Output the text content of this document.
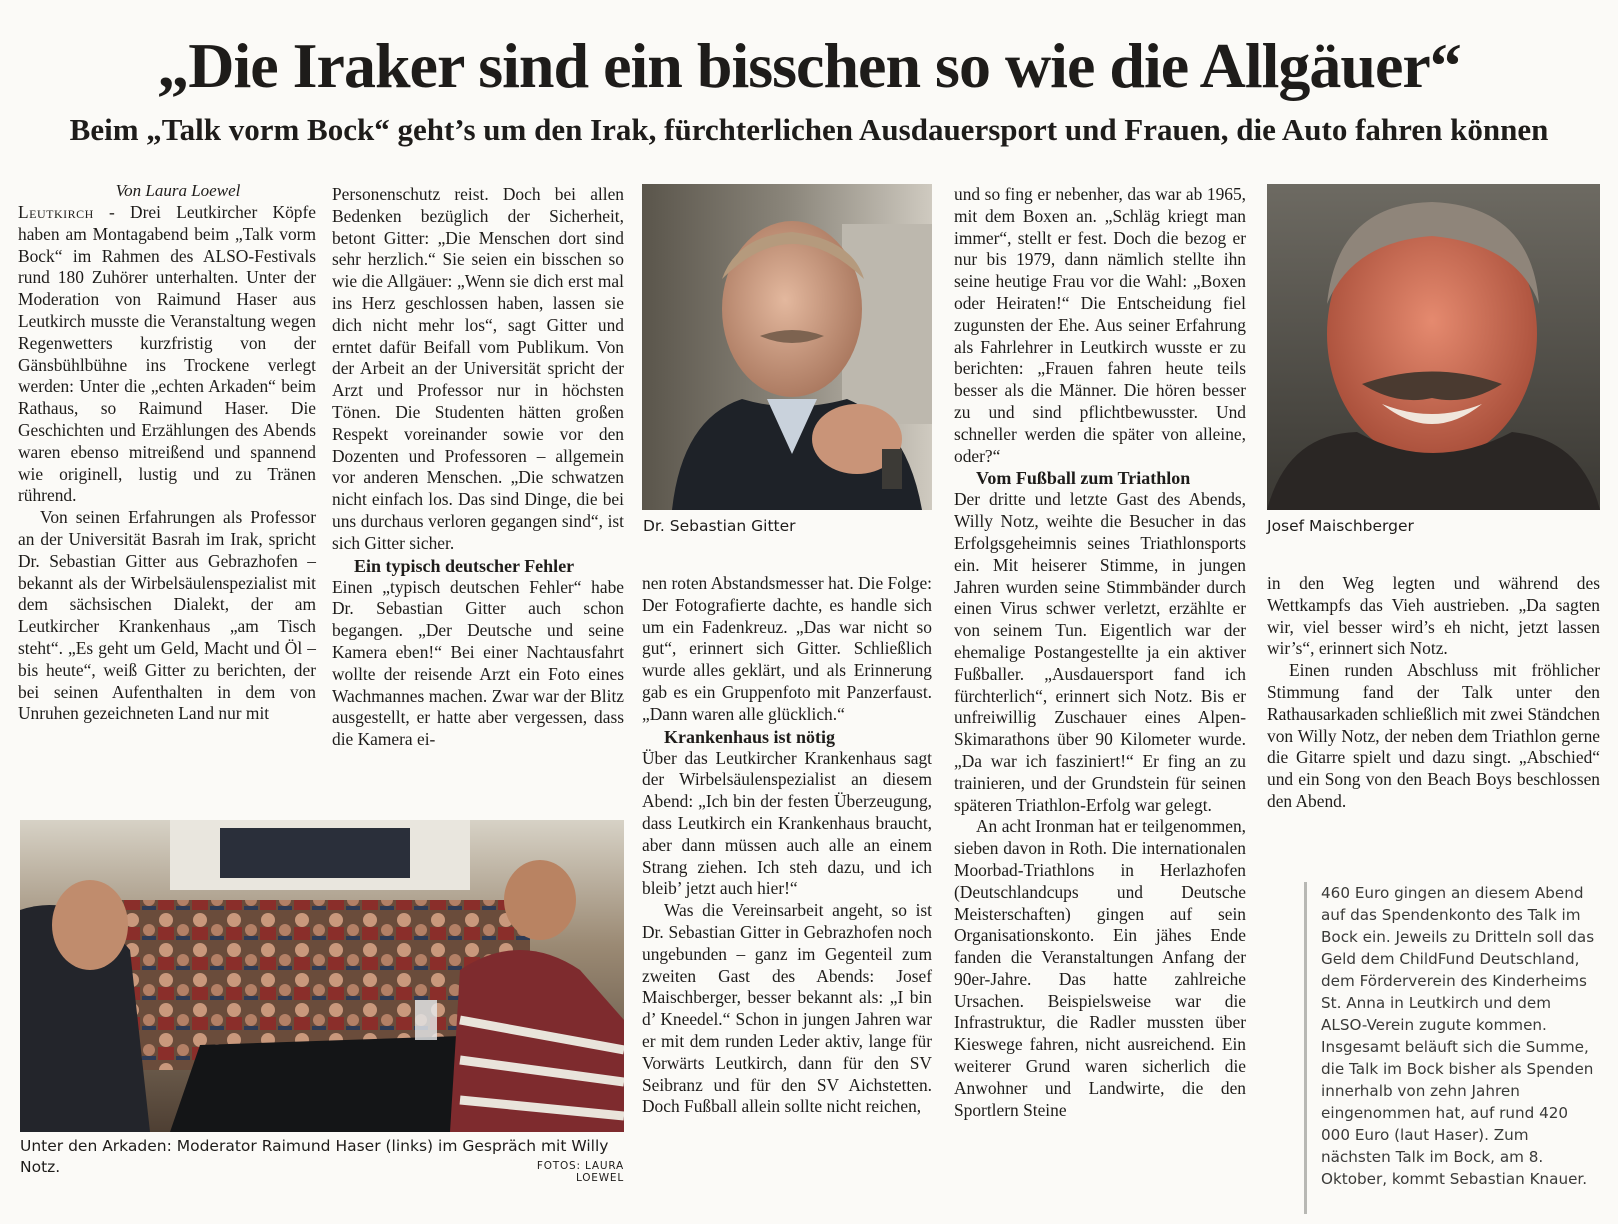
„Die Iraker sind ein bisschen so wie die Allgäuer“
Beim „Talk vorm Bock“ geht’s um den Irak, fürchterlichen Ausdauersport und Frauen, die Auto fahren können

Von Laura Loewel

Leutkirch - Drei Leutkircher Köpfe haben am Montagabend beim „Talk vorm Bock“ im Rahmen des ALSO-Festivals rund 180 Zuhörer unterhalten. Unter der Moderation von Raimund Haser aus Leutkirch musste die Veranstaltung wegen Regenwetters kurzfristig von der Gänsbühlbühne ins Trockene verlegt werden: Unter die „echten Arkaden“ beim Rathaus, so Raimund Haser. Die Geschichten und Erzählungen des Abends waren ebenso mitreißend und spannend wie originell, lustig und zu Tränen rührend.

Von seinen Erfahrungen als Professor an der Universität Basrah im Irak, spricht Dr. Sebastian Gitter aus Gebrazhofen – bekannt als der Wirbelsäulenspezialist mit dem sächsischen Dialekt, der am Leutkircher Krankenhaus „am Tisch steht“. „Es geht um Geld, Macht und Öl – bis heute“, weiß Gitter zu berichten, der bei seinen Aufenthalten in dem von Unruhen gezeichneten Land nur mit

Personenschutz reist. Doch bei allen Bedenken bezüglich der Sicherheit, betont Gitter: „Die Menschen dort sind sehr herzlich.“ Sie seien ein bisschen so wie die Allgäuer: „Wenn sie dich erst mal ins Herz geschlossen haben, lassen sie dich nicht mehr los“, sagt Gitter und erntet dafür Beifall vom Publikum. Von der Arbeit an der Universität spricht der Arzt und Professor nur in höchsten Tönen. Die Studenten hätten großen Respekt voreinander sowie vor den Dozenten und Professoren – allgemein vor anderen Menschen. „Die schwatzen nicht einfach los. Das sind Dinge, die bei uns durchaus verloren gegangen sind“, ist sich Gitter sicher.

Ein typisch deutscher Fehler

Einen „typisch deutschen Fehler“ habe Dr. Sebastian Gitter auch schon begangen. „Der Deutsche und seine Kamera eben!“ Bei einer Nachtausfahrt wollte der reisende Arzt ein Foto eines Wachmannes machen. Zwar war der Blitz ausgestellt, er hatte aber vergessen, dass die Kamera ei-

Dr. Sebastian Gitter

nen roten Abstandsmesser hat. Die Folge: Der Fotografierte dachte, es handle sich um ein Fadenkreuz. „Das war nicht so gut“, erinnert sich Gitter. Schließlich wurde alles geklärt, und als Erinnerung gab es ein Gruppenfoto mit Panzerfaust. „Dann waren alle glücklich.“

Krankenhaus ist nötig

Über das Leutkircher Krankenhaus sagt der Wirbelsäulenspezialist an diesem Abend: „Ich bin der festen Überzeugung, dass Leutkirch ein Krankenhaus braucht, aber dann müssen auch alle an einem Strang ziehen. Ich steh dazu, und ich bleib’ jetzt auch hier!“

Was die Vereinsarbeit angeht, so ist Dr. Sebastian Gitter in Gebrazhofen noch ungebunden – ganz im Gegenteil zum zweiten Gast des Abends: Josef Maischberger, besser bekannt als: „I bin d’ Kneedel.“ Schon in jungen Jahren war er mit dem runden Leder aktiv, lange für Vorwärts Leutkirch, dann für den SV Seibranz und für den SV Aichstetten. Doch Fußball allein sollte nicht reichen,

und so fing er nebenher, das war ab 1965, mit dem Boxen an. „Schläg kriegt man immer“, stellt er fest. Doch die bezog er nur bis 1979, dann nämlich stellte ihn seine heutige Frau vor die Wahl: „Boxen oder Heiraten!“ Die Entscheidung fiel zugunsten der Ehe. Aus seiner Erfahrung als Fahrlehrer in Leutkirch wusste er zu berichten: „Frauen fahren heute teils besser als die Männer. Die hören besser zu und sind pflichtbewusster. Und schneller werden die später von alleine, oder?“

Vom Fußball zum Triathlon

Der dritte und letzte Gast des Abends, Willy Notz, weihte die Besucher in das Erfolgsgeheimnis seines Triathlonsports ein. Mit heiserer Stimme, in jungen Jahren wurden seine Stimmbänder durch einen Virus schwer verletzt, erzählte er von seinem Tun. Eigentlich war der ehemalige Postangestellte ja ein aktiver Fußballer. „Ausdauersport fand ich fürchterlich“, erinnert sich Notz. Bis er unfreiwillig Zuschauer eines Alpen-Skimarathons über 90 Kilometer wurde. „Da war ich fasziniert!“ Er fing an zu trainieren, und der Grundstein für seinen späteren Triathlon-Erfolg war gelegt.

An acht Ironman hat er teilgenommen, sieben davon in Roth. Die internationalen Moorbad-Triathlons in Herlazhofen (Deutschlandcups und Deutsche Meisterschaften) gingen auf sein Organisationskonto. Ein jähes Ende fanden die Veranstaltungen Anfang der 90er-Jahre. Das hatte zahlreiche Ursachen. Beispielsweise war die Infrastruktur, die Radler mussten über Kieswege fahren, nicht ausreichend. Ein weiterer Grund waren sicherlich die Anwohner und Landwirte, die den Sportlern Steine

Josef Maischberger

in den Weg legten und während des Wettkampfs das Vieh austrieben. „Da sagten wir, viel besser wird’s eh nicht, jetzt lassen wir’s“, erinnert sich Notz.

Einen runden Abschluss mit fröhlicher Stimmung fand der Talk unter den Rathausarkaden schließlich mit zwei Ständchen von Willy Notz, der neben dem Triathlon gerne die Gitarre spielt und dazu singt. „Abschied“ und ein Song von den Beach Boys beschlossen den Abend.

460 Euro gingen an diesem Abend auf das Spendenkonto des Talk im Bock ein. Jeweils zu Dritteln soll das Geld dem ChildFund Deutschland, dem Förderverein des Kinderheims St. Anna in Leutkirch und dem ALSO-Verein zugute kommen. Insgesamt beläuft sich die Summe, die Talk im Bock bisher als Spenden innerhalb von zehn Jahren eingenommen hat, auf rund 420 000 Euro (laut Haser). Zum nächsten Talk im Bock, am 8. Oktober, kommt Sebastian Knauer.

Unter den Arkaden: Moderator Raimund Haser (links) im Gespräch mit Willy Notz.	FOTOS: LAURA LOEWEL
